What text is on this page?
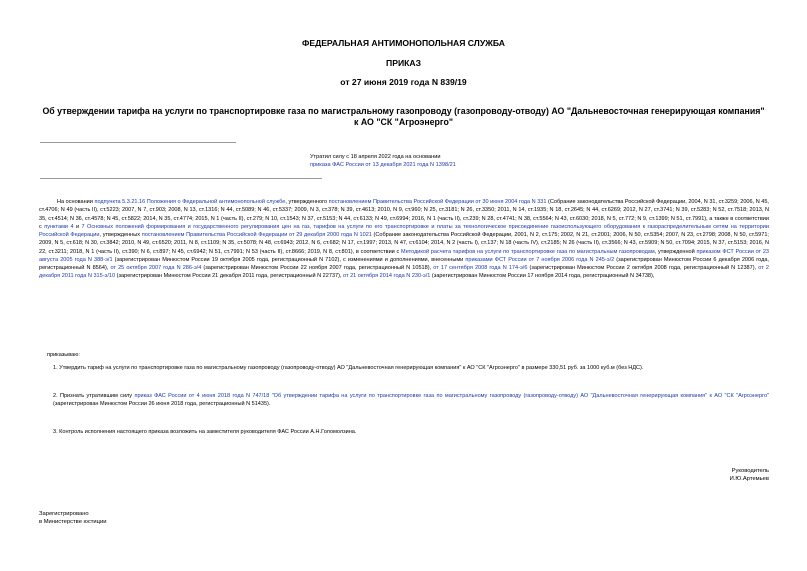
ФЕДЕРАЛЬНАЯ АНТИМОНОПОЛЬНАЯ СЛУЖБА
ПРИКАЗ
от 27 июня 2019 года N 839/19
Об утверждении тарифа на услуги по транспортировке газа по магистральному газопроводу (газопроводу-отводу) АО "Дальневосточная генерирующая компания"
к АО "СК "Агроэнерго"
Утратил силу с 18 апреля 2022 года на основании
приказа ФАС России от 13 декабря 2021 года N 1398/21

На основании подпункта 5.3.21.16 Положения о Федеральной антимонопольной службе, утвержденного постановлением Правительства Российской Федерации от 30 июня 2004 года N 331 (Собрание законодательства Российской Федерации, 2004, N 31, ст.3259; 2006, N 45, ст.4706; N 49 (часть II), ст.5223; 2007, N 7, ст.903; 2008, N 13, ст.1316; N 44, ст.5089; N 46, ст.5337; 2009, N 3, ст.378; N 39, ст.4613; 2010, N 9, ст.960; N 25, ст.3181; N 26, ст.3350; 2011, N 14, ст.1935; N 18, ст.2645; N 44, ст.6269; 2012, N 27, ст.3741; N 39, ст.5283; N 52, ст.7518; 2013, N 35, ст.4514; N 36, ст.4578; N 45, ст.5822; 2014, N 35, ст.4774; 2015, N 1 (часть II), ст.279; N 10, ст.1543; N 37, ст.5153; N 44, ст.6133; N 49, ст.6994; 2016, N 1 (часть II), ст.239; N 28, ст.4741; N 38, ст.5564; N 43, ст.6030; 2018, N 5, ст.772; N 9, ст.1399; N 51, ст.7991), а также в соответствии с пунктами 4 и 7 Основных положений формирования и государственного регулирования цен на газ, тарифов на услуги по его транспортировке и платы за технологическое присоединение газоиспользующего оборудования к газораспределительным сетям на территории Российской Федерации, утвержденных постановлением Правительства Российской Федерации от 29 декабря 2000 года N 1021 (Собрание законодательства Российской Федерации, 2001, N 2, ст.175; 2002, N 21, ст.2001; 2006, N 50, ст.5354; 2007, N 23, ст.2798; 2008, N 50, ст.5971; 2009, N 5, ст.618; N 30, ст.3842; 2010, N 49, ст.6520; 2011, N 8, ст.1109; N 35, ст.5078; N 48, ст.6943; 2012, N 6, ст.682; N 17, ст.1997; 2013, N 47, ст.6104; 2014, N 2 (часть I), ст.137; N 18 (часть IV), ст.2185; N 26 (часть II), ст.3566; N 43, ст.5909; N 50, ст.7094; 2015, N 37, ст.5153; 2016, N 22, ст.3211; 2018, N 1 (часть II), ст.390; N 6, ст.897; N 45, ст.6942; N 51, ст.7991; N 53 (часть II), ст.8666; 2019, N 8, ст.801), в соответствии с Методикой расчета тарифов на услуги по транспортировке газа по магистральным газопроводам, утвержденной приказом ФСТ России от 23 августа 2005 года N 388-э/1 (зарегистрирован Минюстом России 19 октября 2005 года, регистрационный N 7102), с изменениями и дополнениями, внесенными приказами ФСТ России от 7 ноября 2006 года N 245-э/2 (зарегистрирован Минюстом России 6 декабря 2006 года, регистрационный N 8564), от 25 октября 2007 года N 286-э/4 (зарегистрирован Минюстом России 22 ноября 2007 года, регистрационный N 10518), от 17 сентября 2008 года N 174-э/6 (зарегистрирован Минюстом России 2 октября 2008 года, регистрационный N 12387), от 2 декабря 2011 года N 315-э/10 (зарегистрирован Минюстом России 21 декабря 2011 года, регистрационный N 22737), от 21 октября 2014 года N 230-э/1 (зарегистрирован Минюстом России 17 ноября 2014 года, регистрационный N 34738),

приказываю:

1. Утвердить тариф на услуги по транспортировке газа по магистральному газопроводу (газопроводу-отводу) АО "Дальневосточная генерирующая компания" к АО "СК "Агроэнерго" в размере 330,51 руб. за 1000 куб.м (без НДС).

2. Признать утратившим силу приказ ФАС России от 4 июня 2018 года N 747/18 "Об утверждении тарифа на услуги по транспортировке газа по магистральному газопроводу (газопроводу-отводу) АО "Дальневосточная генерирующая компания" к АО "СК "Агроэнерго" (зарегистрирован Минюстом России 26 июня 2018 года, регистрационный N 51435).

3. Контроль исполнения настоящего приказа возложить на заместителя руководителя ФАС России А.Н.Голомолзина.

Руководитель
И.Ю.Артемьев
Зарегистрировано
в Министерстве юстиции
